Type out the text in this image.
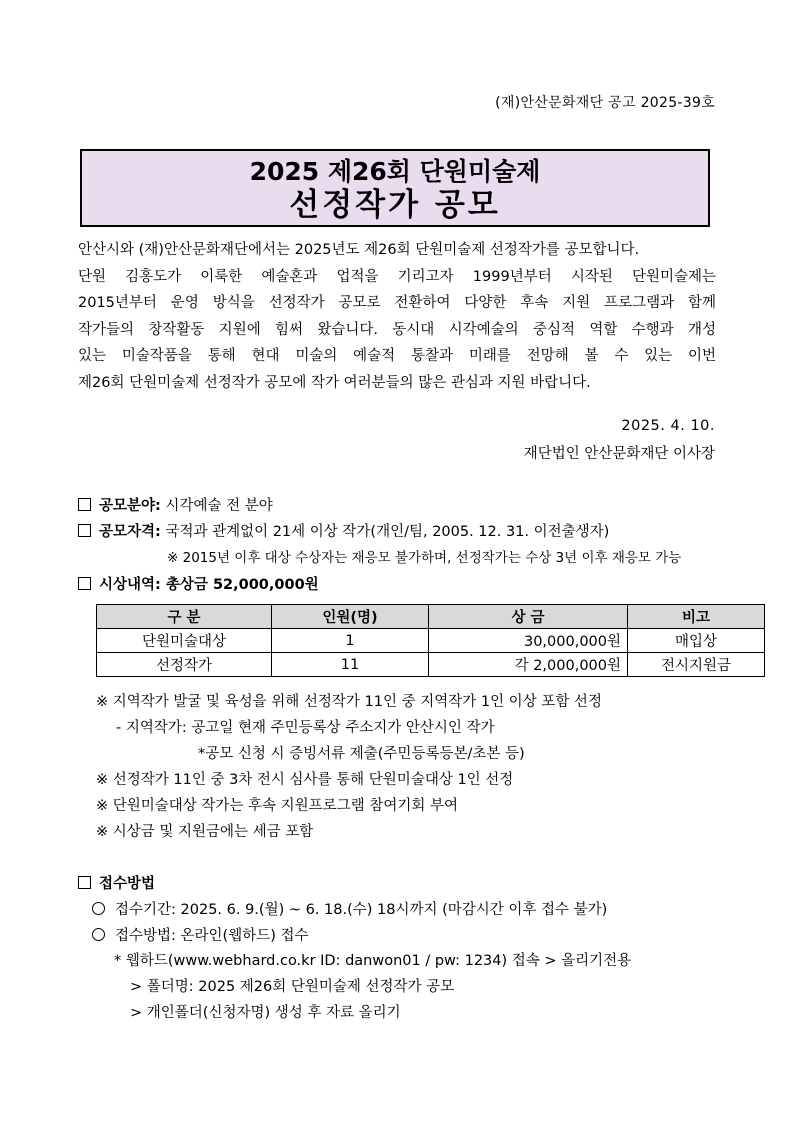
(재)안산문화재단 공고 2025-39호
2025 제26회 단원미술제
선정작가 공모

안산시와 (재)안산문화재단에서는 2025년도 제26회 단원미술제 선정작가를 공모합니다.

단원 김홍도가 이룩한 예술혼과 업적을 기리고자 1999년부터 시작된 단원미술제는

2015년부터 운영 방식을 선정작가 공모로 전환하여 다양한 후속 지원 프로그램과 함께

작가들의 창작활동 지원에 힘써 왔습니다. 동시대 시각예술의 중심적 역할 수행과 개성

있는 미술작품을 통해 현대 미술의 예술적 통찰과 미래를 전망해 볼 수 있는 이번

제26회 단원미술제 선정작가 공모에 작가 여러분들의 많은 관심과 지원 바랍니다.

2025. 4. 10.
재단법인 안산문화재단 이사장
공모분야: 시각예술 전 분야
공모자격: 국적과 관계없이 21세 이상 작가(개인/팀, 2005. 12. 31. 이전출생자)
※ 2015년 이후 대상 수상자는 재응모 불가하며, 선정작가는 수상 3년 이후 재응모 가능
시상내역: 총상금 52,000,000원
구 분	인원(명)	상 금	비고
단원미술대상	1	30,000,000원	매입상
선정작가	11	각 2,000,000원	전시지원금
※ 지역작가 발굴 및 육성을 위해 선정작가 11인 중 지역작가 1인 이상 포함 선정
- 지역작가: 공고일 현재 주민등록상 주소지가 안산시인 작가
*공모 신청 시 증빙서류 제출(주민등록등본/초본 등)
※ 선정작가 11인 중 3차 전시 심사를 통해 단원미술대상 1인 선정
※ 단원미술대상 작가는 후속 지원프로그램 참여기회 부여
※ 시상금 및 지원금에는 세금 포함
접수방법
접수기간: 2025. 6. 9.(월) ~ 6. 18.(수) 18시까지 (마감시간 이후 접수 불가)
접수방법: 온라인(웹하드) 접수
* 웹하드(www.webhard.co.kr ID: danwon01 / pw: 1234) 접속 > 올리기전용
> 폴더명: 2025 제26회 단원미술제 선정작가 공모
> 개인폴더(신청자명) 생성 후 자료 올리기
